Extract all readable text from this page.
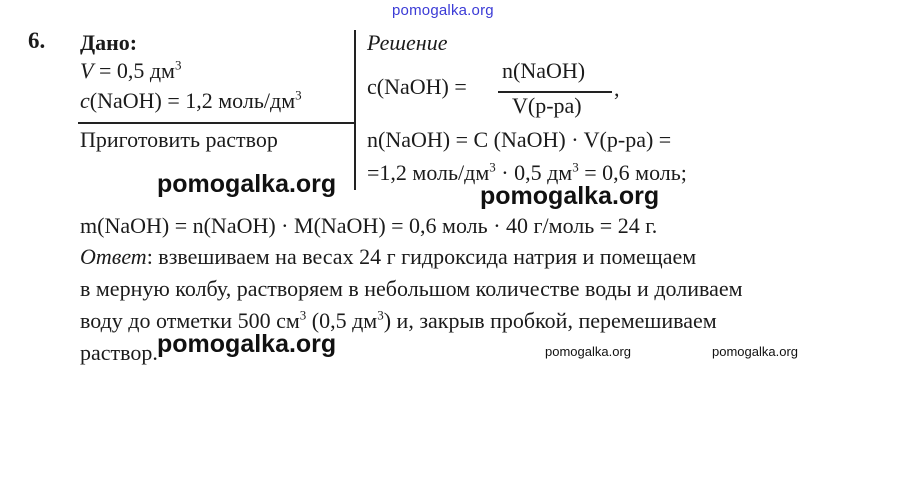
pomogalka.org
6. Дано:
V = 0,5 $дм^3$
c(NaOH) = 1,2 моль/$дм^3$
Приготовить раствор
Решение
c(NaOH) =
n(NaOH)
V(р-ра)
,
n(NaOH) = C (NaOH) · V(р-ра) =
=1,2 моль/$дм^3 \cdot 0,5$ $дм^3 = 0,6$ моль;
m(NaOH) = n(NaOH) · M(NaOH) = 0,6 моль · 40 г/моль = 24 г.
Ответ: взвешиваем на весах 24 г гидроксида натрия и помещаем
в мерную колбу, растворяем в небольшом количестве воды и доливаем
воду до отметки 500 $см^3$ (0,5 $дм^3$) и, закрыв пробкой, перемешиваем
раствор.
pomogalka.org	pomogalka.org
pomogalka.org	pomogalka.org	pomogalka.org
